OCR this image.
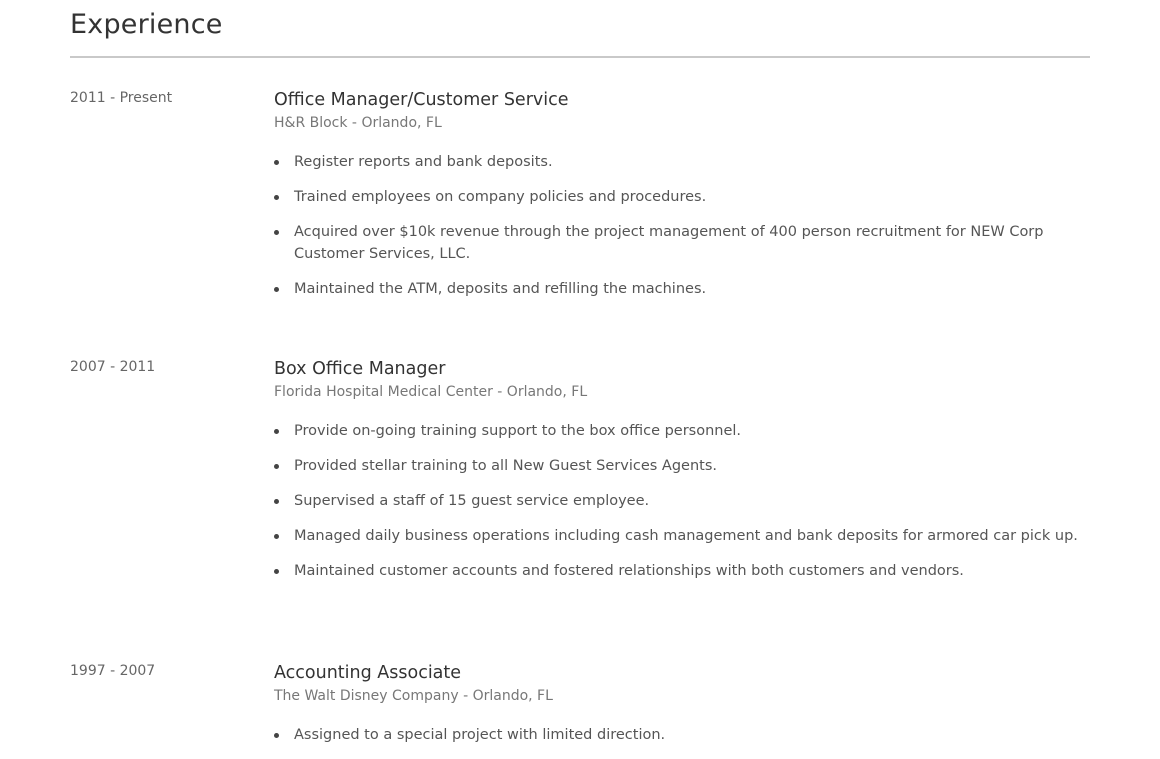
Experience
2011 - Present	Office Manager/Customer Service
H&R Block - Orlando, FL
Register reports and bank deposits.
Trained employees on company policies and procedures.
Acquired over $10k revenue through the project management of 400 person recruitment for NEW Corp Customer Services, LLC.
Maintained the ATM, deposits and refilling the machines.
2007 - 2011	Box Office Manager
Florida Hospital Medical Center - Orlando, FL
Provide on-going training support to the box office personnel.
Provided stellar training to all New Guest Services Agents.
Supervised a staff of 15 guest service employee.
Managed daily business operations including cash management and bank deposits for armored car pick up.
Maintained customer accounts and fostered relationships with both customers and vendors.
1997 - 2007	Accounting Associate
The Walt Disney Company - Orlando, FL
Assigned to a special project with limited direction.
